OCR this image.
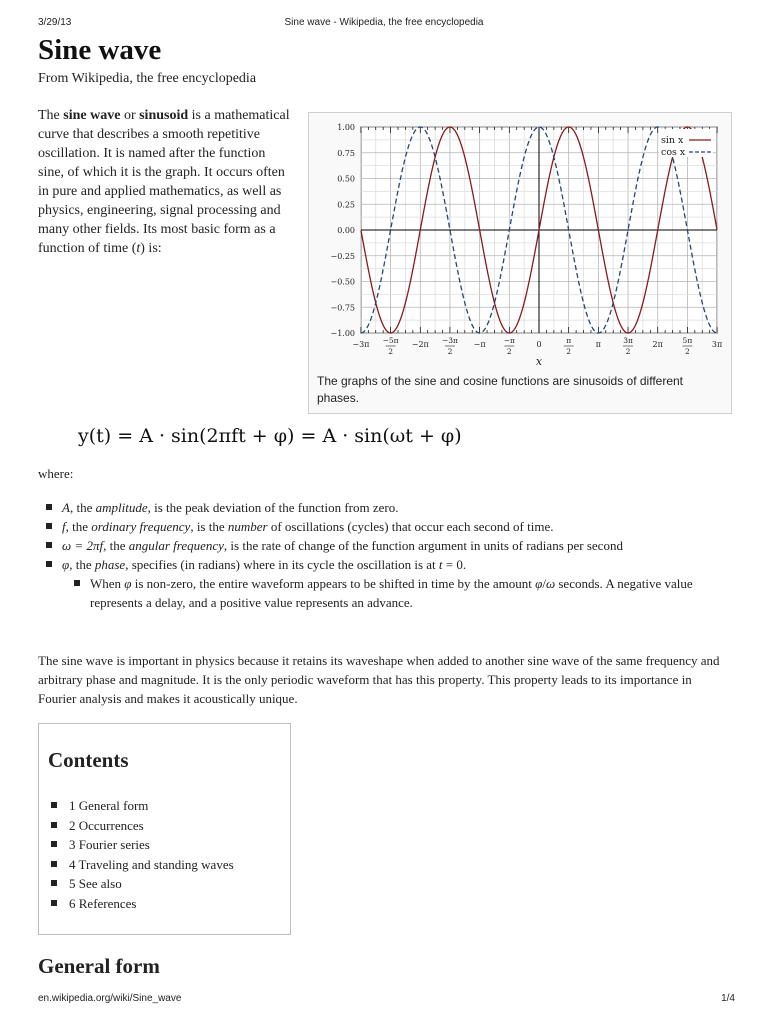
3/29/13	Sine wave - Wikipedia, the free encyclopedia
Sine wave
From Wikipedia, the free encyclopedia

The sine wave or sinusoid is a mathematical curve that describes a smooth repetitive oscillation. It is named after the function sine, of which it is the graph. It occurs often in pure and applied mathematics, as well as physics, engineering, signal processing and many other fields. Its most basic form as a function of time (t) is:

1.00
0.75
0.50
0.25
0.00
−0.25
−0.50
−0.75
−1.00
−3π −5π
2
−2π −3π
2
−π −π
2
0	π
2
π	3π
2
2π	5π
2
3π
x
sin x
cos x
The graphs of the sine and cosine functions are sinusoids of different phases.
y(t) = A · sin(2πft + φ) = A · sin(ωt + φ)
where:
A, the amplitude, is the peak deviation of the function from zero.
f, the ordinary frequency, is the number of oscillations (cycles) that occur each second of time.
ω = 2πf, the angular frequency, is the rate of change of the function argument in units of radians per second
φ, the phase, specifies (in radians) where in its cycle the oscillation is at t = 0.
When φ is non-zero, the entire waveform appears to be shifted in time by the amount φ/ω seconds. A negative value represents a delay, and a positive value represents an advance.

The sine wave is important in physics because it retains its waveshape when added to another sine wave of the same frequency and arbitrary phase and magnitude. It is the only periodic waveform that has this property. This property leads to its importance in Fourier analysis and makes it acoustically unique.

Contents
1 General form
2 Occurrences
3 Fourier series
4 Traveling and standing waves
5 See also
6 References
General form
en.wikipedia.org/wiki/Sine_wave	1/4
